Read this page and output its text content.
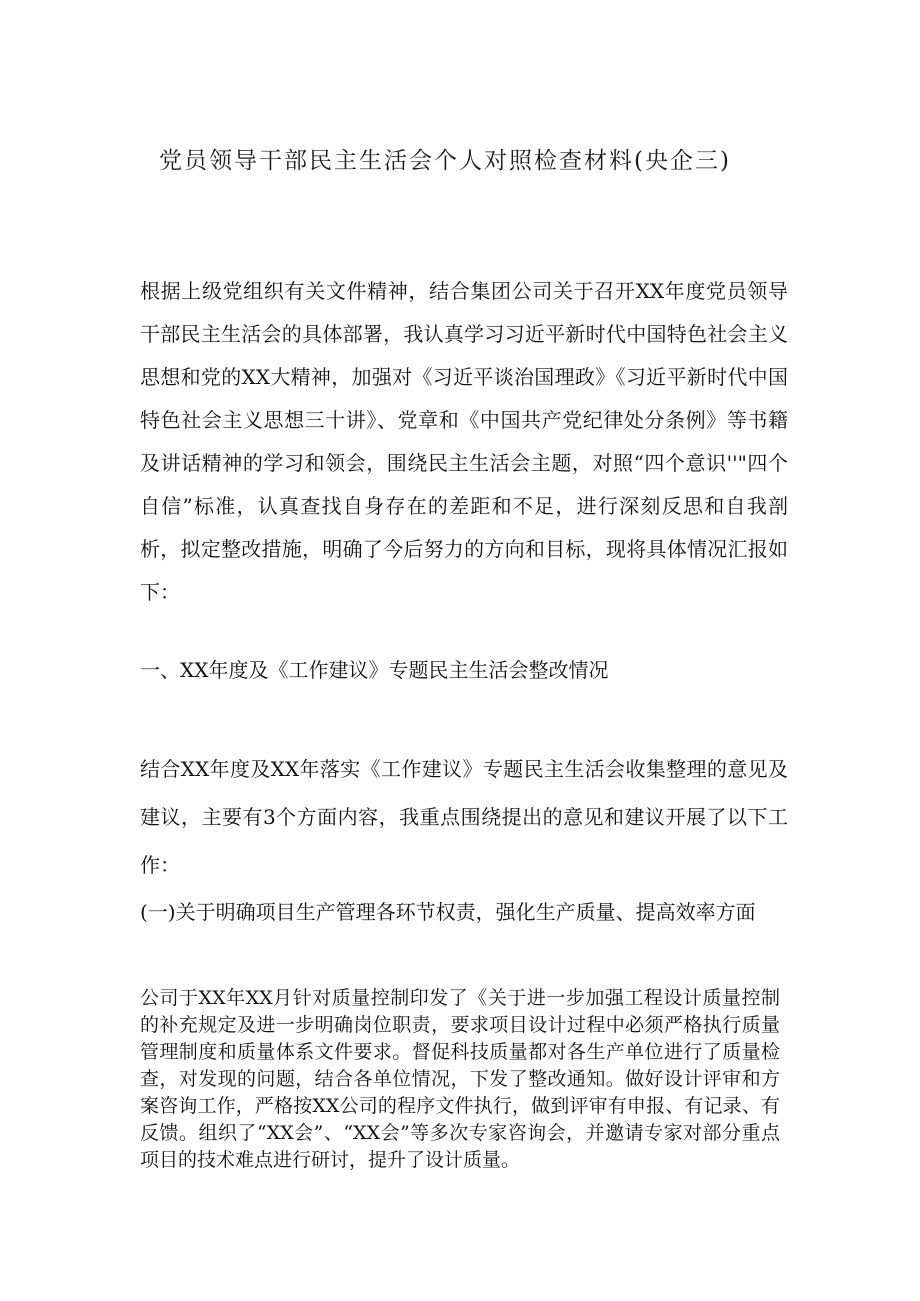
党员领导干部民主生活会个人对照检查材料(央企三)

根据上级党组织有关文件精神，结合集团公司关于召开XX年度党员领导干部民主生活会的具体部署，我认真学习习近平新时代中国特色社会主义思想和党的XX大精神，加强对《习近平谈治国理政》《习近平新时代中国特色社会主义思想三十讲》、党章和《中国共产党纪律处分条例》等书籍及讲话精神的学习和领会，围绕民主生活会主题，对照“四个意识''"四个自信”标准，认真查找自身存在的差距和不足，进行深刻反思和自我剖析，拟定整改措施，明确了今后努力的方向和目标，现将具体情况汇报如下：

一、XX年度及《工作建议》专题民主生活会整改情况

结合XX年度及XX年落实《工作建议》专题民主生活会收集整理的意见及建议，主要有3个方面内容，我重点围绕提出的意见和建议开展了以下工作：

(一)关于明确项目生产管理各环节权责，强化生产质量、提高效率方面

公司于XX年XX月针对质量控制印发了《关于进一步加强工程设计质量控制的补充规定及进一步明确岗位职责，要求项目设计过程中必须严格执行质量管理制度和质量体系文件要求。督促科技质量都对各生产单位进行了质量检查，对发现的问题，结合各单位情况，下发了整改通知。做好设计评审和方案咨询工作，严格按XX公司的程序文件执行，做到评审有申报、有记录、有反馈。组织了“XX会”、“XX会”等多次专家咨询会，并邀请专家对部分重点项目的技术难点进行研讨，提升了设计质量。
